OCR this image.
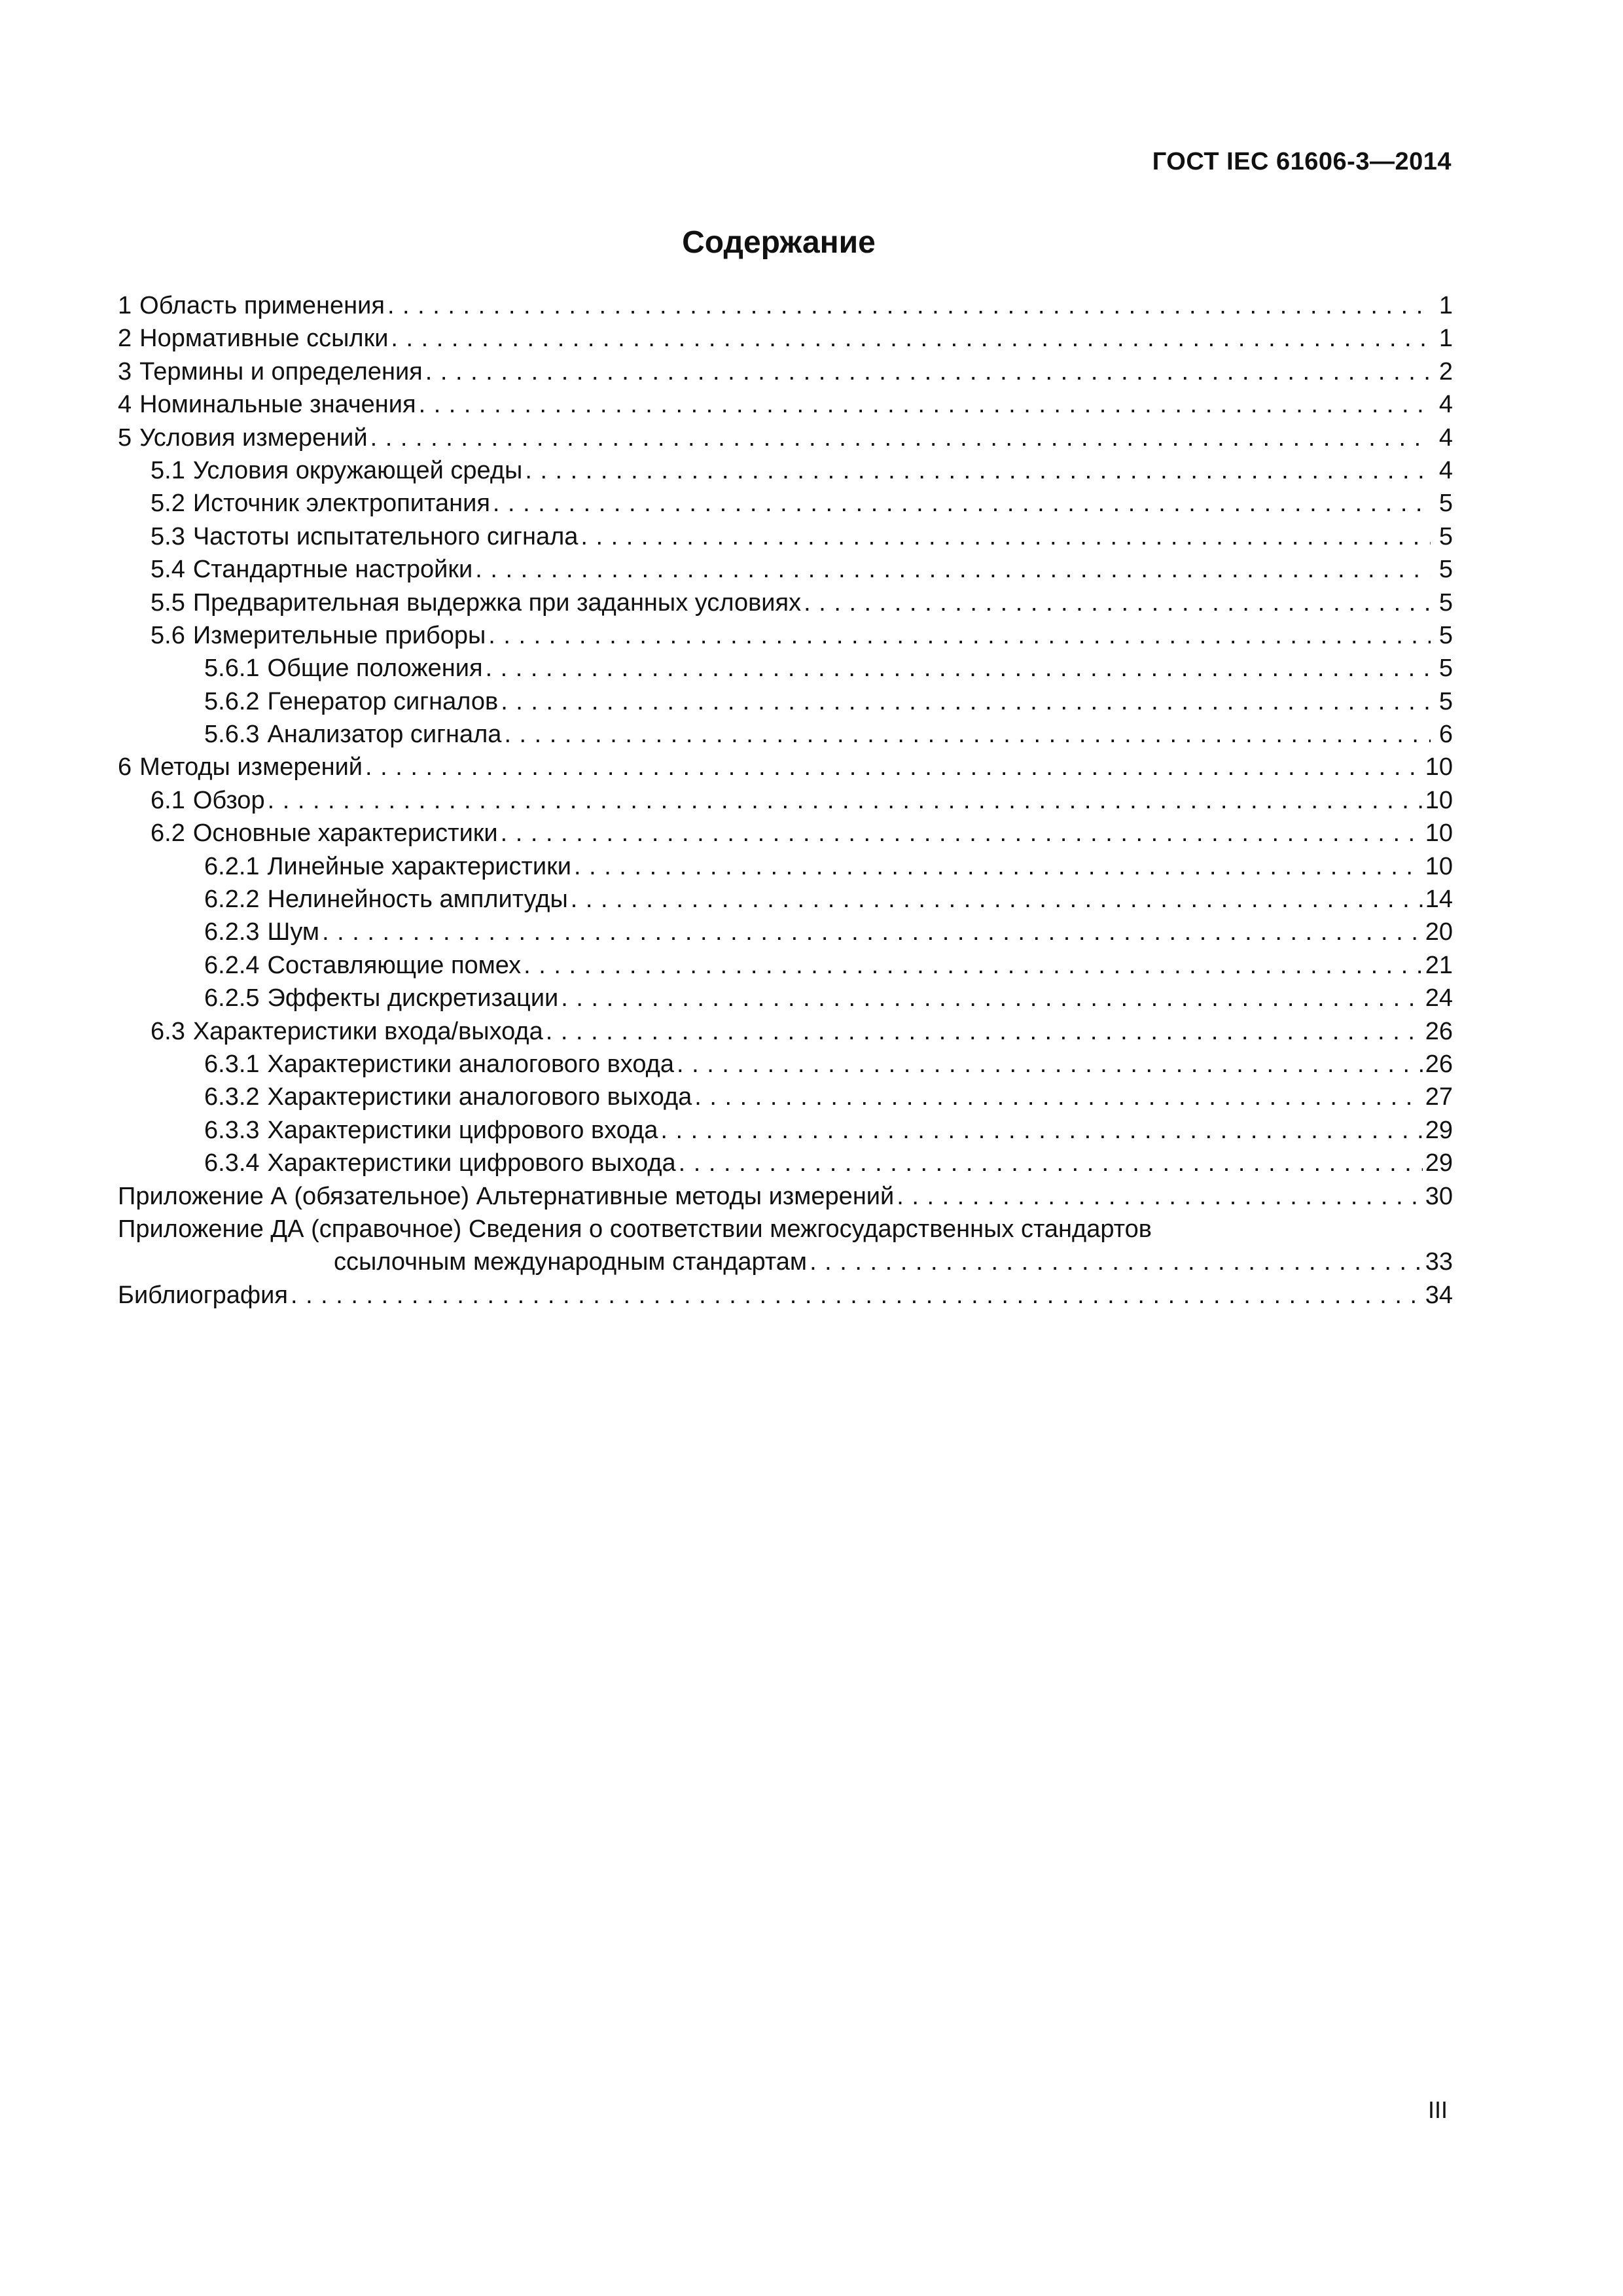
ГОСТ IEC 61606-3—2014
Содержание
1 Область применения . . .	1
2 Нормативные ссылки . . .	1
3 Термины и определения . . .	2
4 Номинальные значения . . .	4
5 Условия измерений . . .	4
5.1 Условия окружающей среды . . .	4
5.2 Источник электропитания . . .	5
5.3 Частоты испытательного сигнала . . .	5
5.4 Стандартные настройки . . .	5
5.5 Предварительная выдержка при заданных условиях . . .	5
5.6 Измерительные приборы . . .	5
5.6.1 Общие положения . . .	5
5.6.2 Генератор сигналов . . .	5
5.6.3 Анализатор сигнала . . .	6
6 Методы измерений . . .	10
6.1 Обзор . . .	10
6.2 Основные характеристики . . .	10
6.2.1 Линейные характеристики . . .	10
6.2.2 Нелинейность амплитуды . . .	14
6.2.3 Шум . . .	20
6.2.4 Составляющие помех . . .	21
6.2.5 Эффекты дискретизации . . .	24
6.3 Характеристики входа/выхода . . .	26
6.3.1 Характеристики аналогового входа . . .	26
6.3.2 Характеристики аналогового выхода . . .	27
6.3.3 Характеристики цифрового входа . . .	29
6.3.4 Характеристики цифрового выхода . . .	29
Приложение А (обязательное) Альтернативные методы измерений . . .	30
Приложение ДА (справочное) Сведения о соответствии межгосударственных стандартов
ссылочным международным стандартам . . .	33
Библиография . . .	34
III
